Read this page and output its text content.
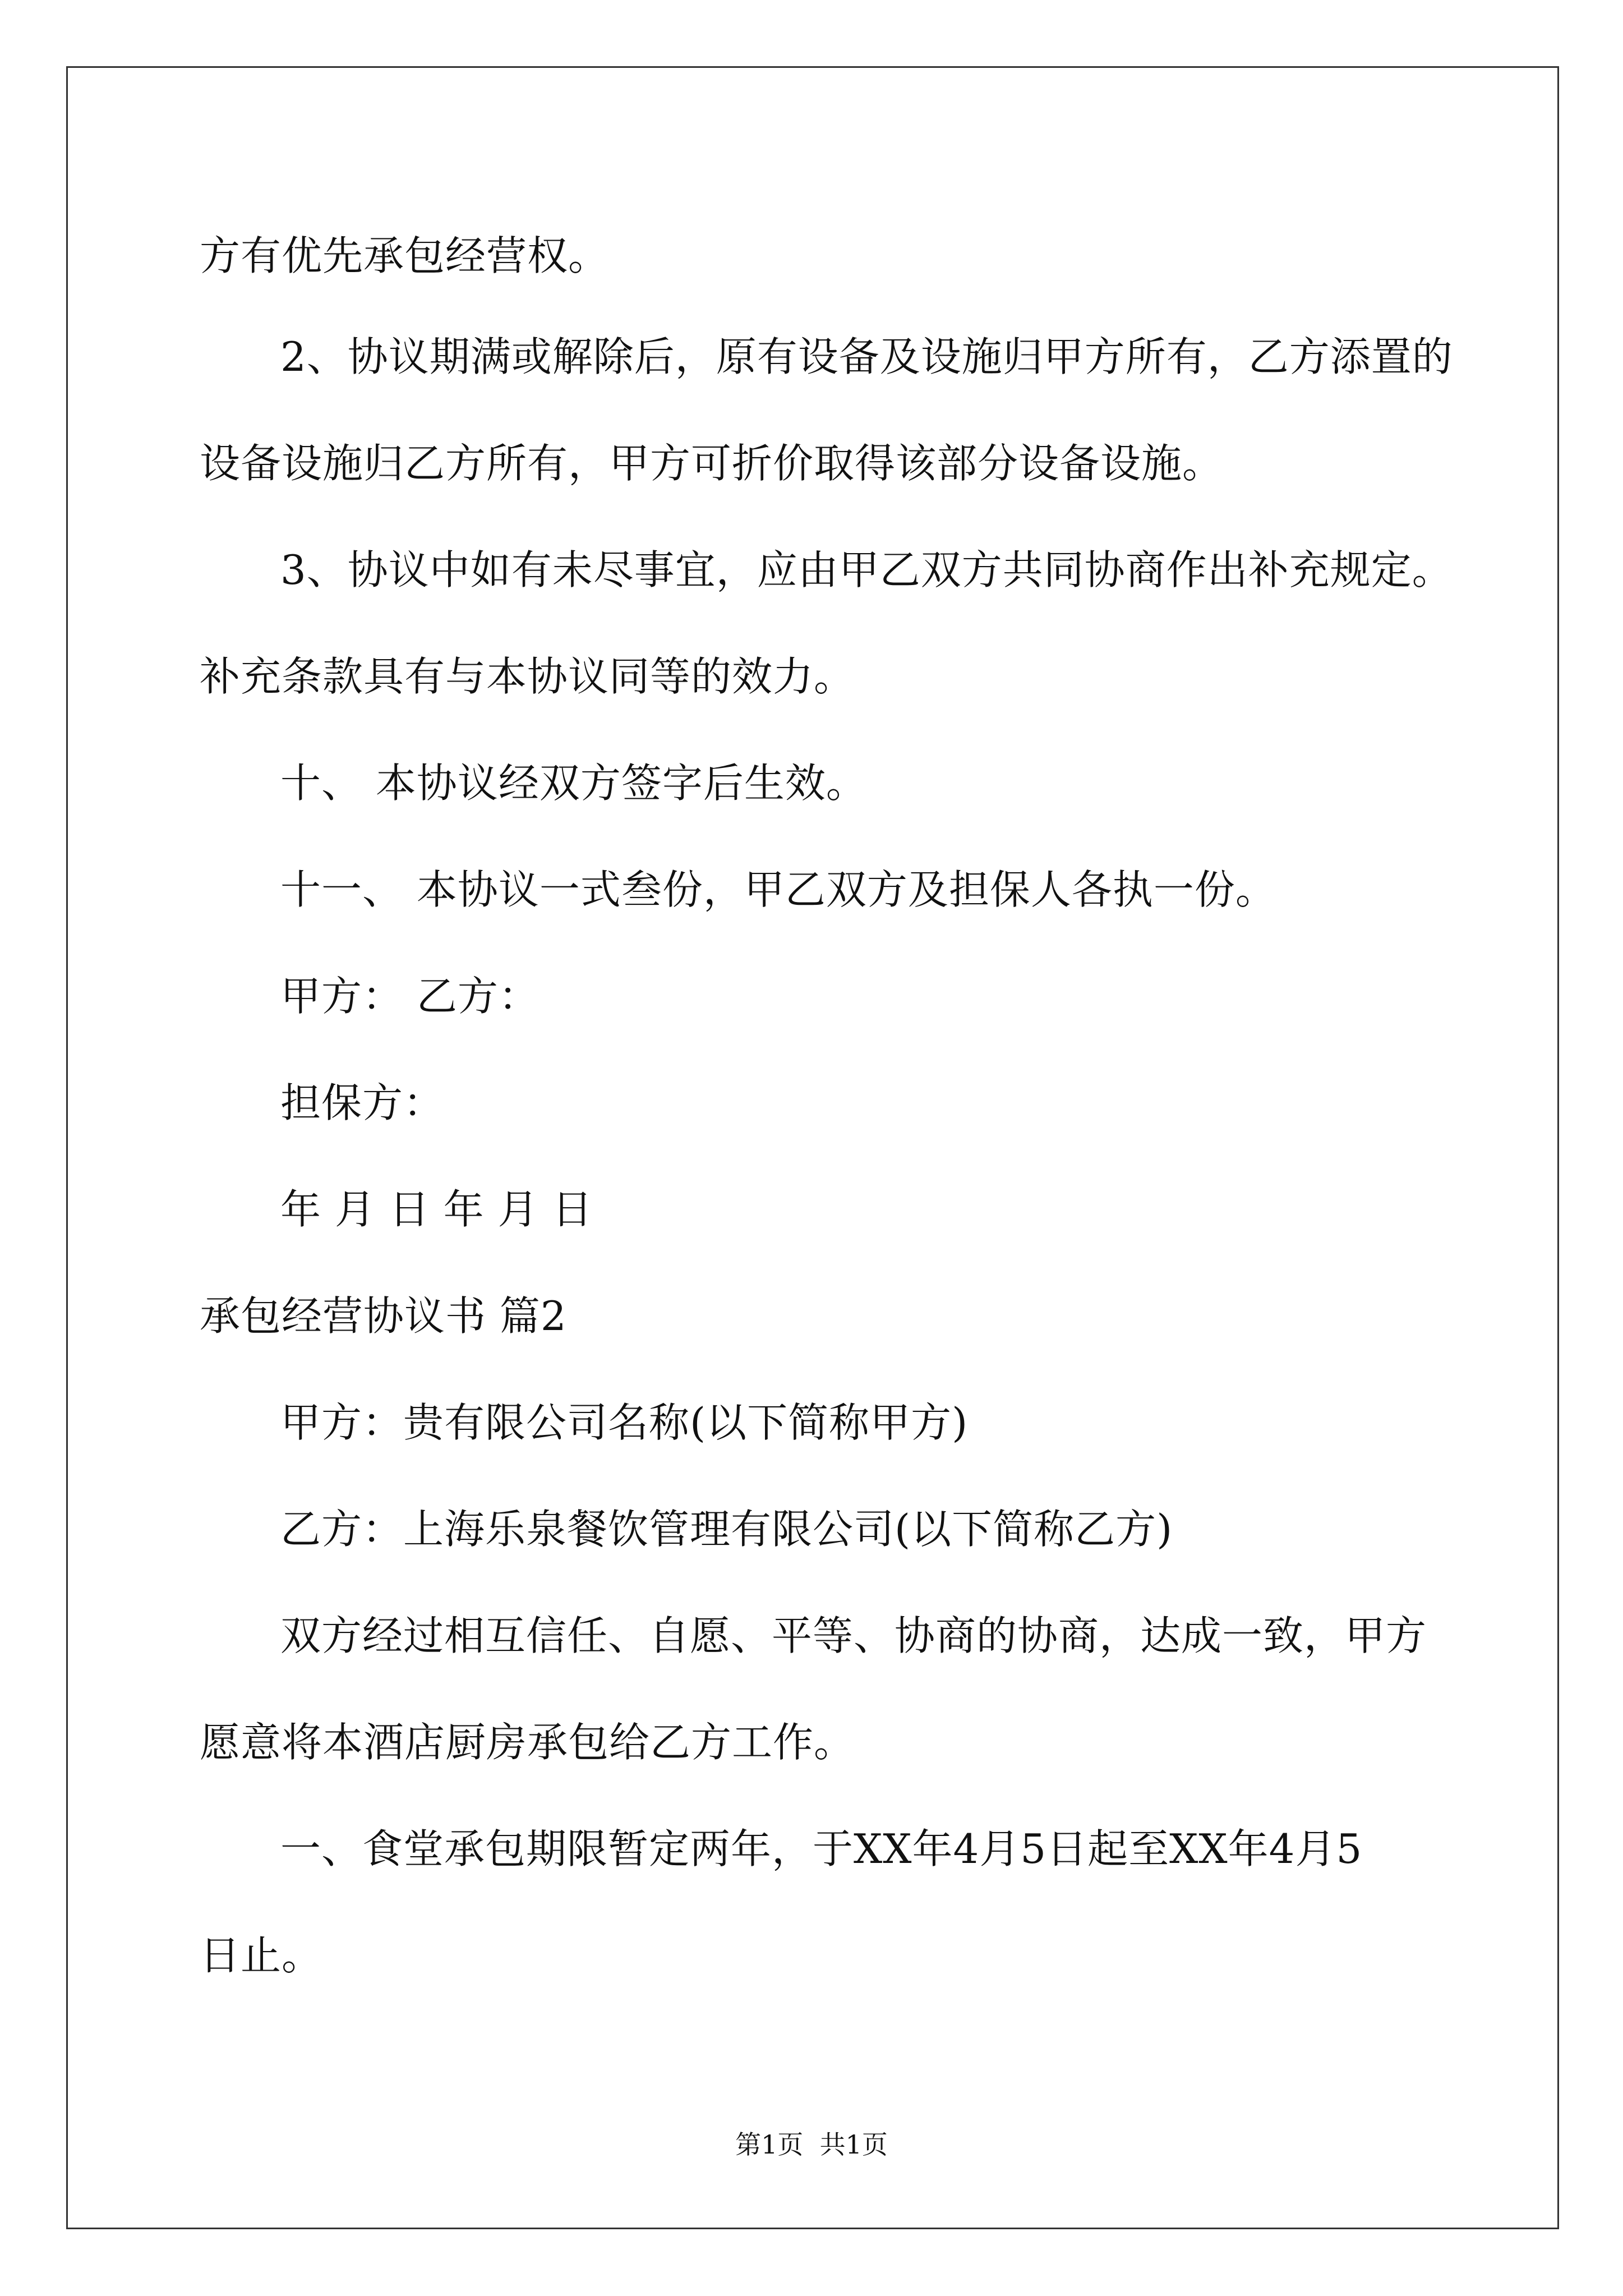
方有优先承包经营权。
2、协议期满或解除后，原有设备及设施归甲方所有，乙方添置的
设备设施归乙方所有，甲方可折价取得该部分设备设施。
3、协议中如有未尽事宜，应由甲乙双方共同协商作出补充规定。
补充条款具有与本协议同等的效力。
十、 本协议经双方签字后生效。
十一、 本协议一式叁份，甲乙双方及担保人各执一份。
甲方： 乙方：
担保方：
年 月 日 年 月 日
承包经营协议书 篇2
甲方：贵有限公司名称(以下简称甲方)
乙方：上海乐泉餐饮管理有限公司(以下简称乙方)
双方经过相互信任、自愿、平等、协商的协商，达成一致，甲方
愿意将本酒店厨房承包给乙方工作。
一、食堂承包期限暂定两年，于XX年4月5日起至XX年4月5
日止。
第1页  共1页
